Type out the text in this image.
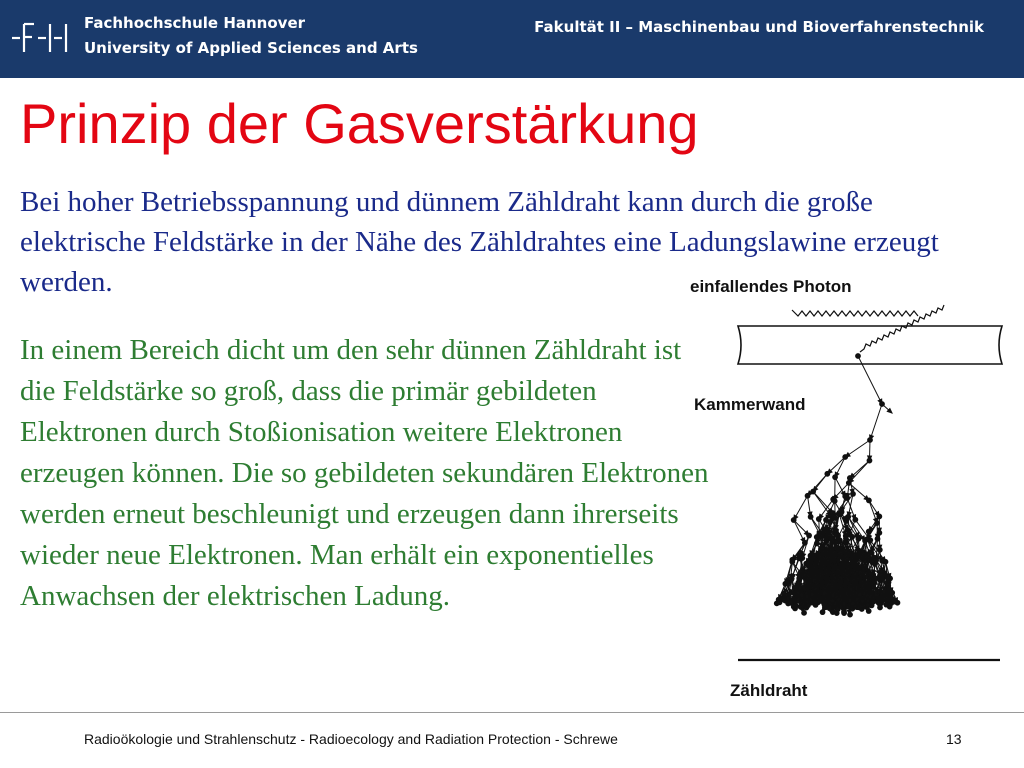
Fachhochschule Hannover
University of Applied Sciences and Arts
Fakultät II – Maschinenbau und Bioverfahrenstechnik
Prinzip der Gasverstärkung
Bei hoher Betriebsspannung und dünnem Zähldraht kann durch die große elektrische Feldstärke in der Nähe des Zähldrahtes eine Ladungslawine erzeugt werden.
In einem Bereich dicht um den sehr dünnen Zähldraht ist die Feldstärke so groß, dass die primär gebildeten Elektronen durch Stoßionisation weitere Elektronen erzeugen können. Die so gebildeten sekundären Elektronen werden erneut beschleunigt und erzeugen dann ihrerseits wieder neue Elektronen. Man erhält ein exponentielles Anwachsen der elektrischen Ladung.
einfallendes Photon
Kammerwand
Zähldraht
Radioökologie und Strahlenschutz - Radioecology and Radiation Protection - Schrewe	13
